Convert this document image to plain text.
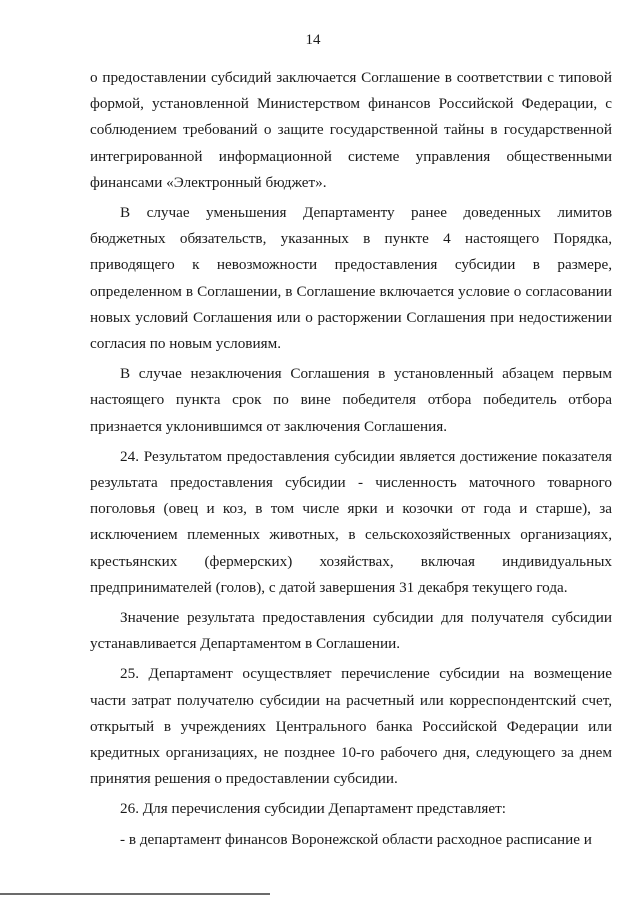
14

о предоставлении субсидий заключается Соглашение в соответствии с типовой формой, установленной Министерством финансов Российской Федерации, с соблюдением требований о защите государственной тайны в государственной интегрированной информационной системе управления общественными финансами «Электронный бюджет».

В случае уменьшения Департаменту ранее доведенных лимитов бюджетных обязательств, указанных в пункте 4 настоящего Порядка, приводящего к невозможности предоставления субсидии в размере, определенном в Соглашении, в Соглашение включается условие о согласовании новых условий Соглашения или о расторжении Соглашения при недостижении согласия по новым условиям.

В случае незаключения Соглашения в установленный абзацем первым настоящего пункта срок по вине победителя отбора победитель отбора признается уклонившимся от заключения Соглашения.

24. Результатом предоставления субсидии является достижение показателя результата предоставления субсидии - численность маточного товарного поголовья (овец и коз, в том числе ярки и козочки от года и старше), за исключением племенных животных, в сельскохозяйственных организациях, крестьянских (фермерских) хозяйствах, включая индивидуальных предпринимателей (голов), с датой завершения 31 декабря текущего года.

Значение результата предоставления субсидии для получателя субсидии устанавливается Департаментом в Соглашении.

25. Департамент осуществляет перечисление субсидии на возмещение части затрат получателю субсидии на расчетный или корреспондентский счет, открытый в учреждениях Центрального банка Российской Федерации или кредитных организациях, не позднее 10-го рабочего дня, следующего за днем принятия решения о предоставлении субсидии.

26. Для перечисления субсидии Департамент представляет:

- в департамент финансов Воронежской области расходное расписание и
